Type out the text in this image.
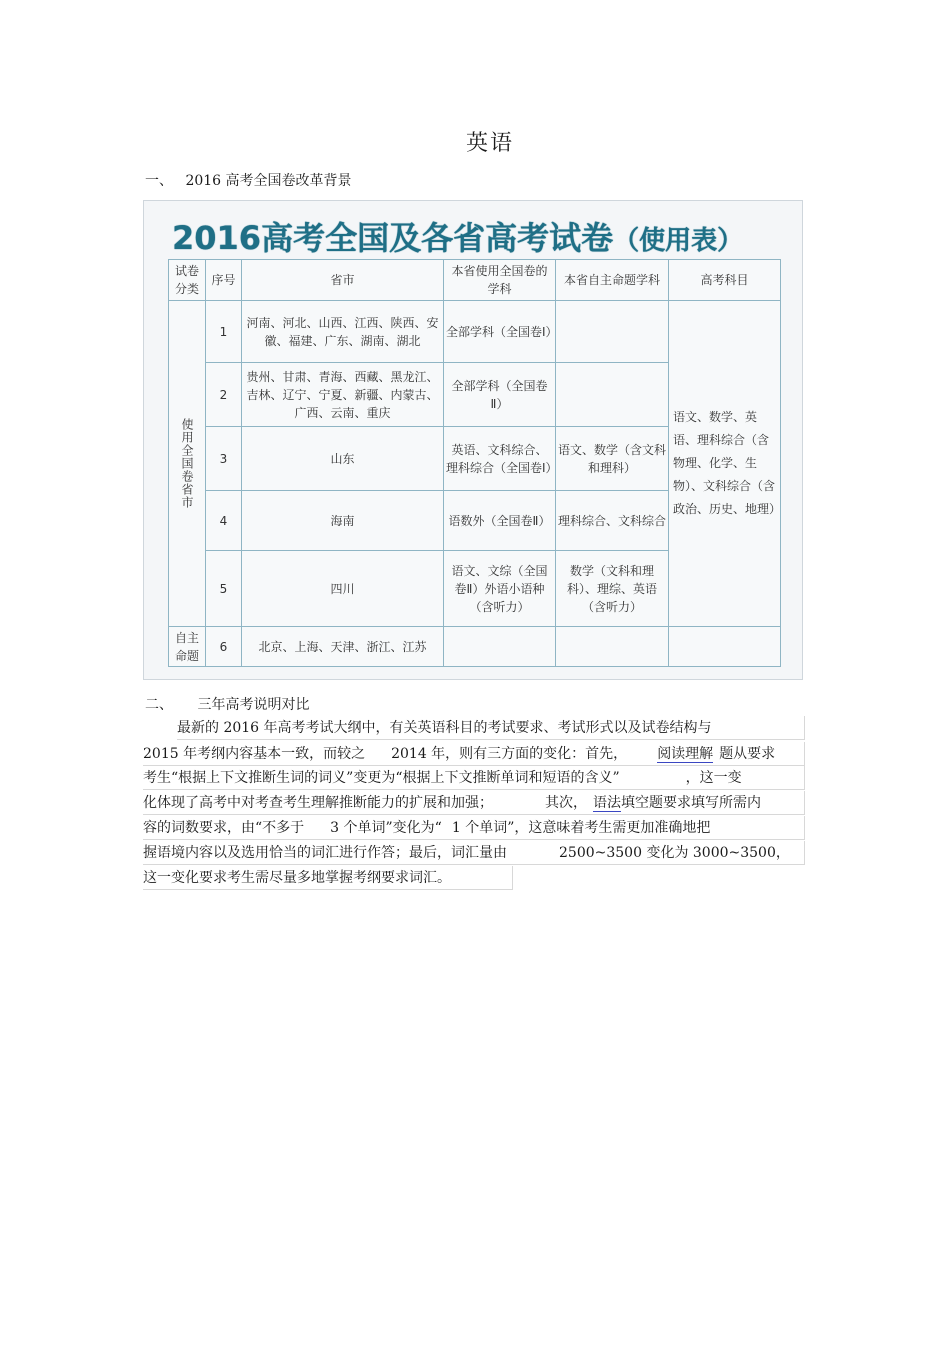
英语
一、 2016 高考全国卷改革背景
2016高考全国及各省高考试卷（使用表）
试卷分类	序号	省市	本省使用全国卷的学科	本省自主命题学科	高考科目

使用全国卷省市	1	河南、河北、山西、江西、陕西、安徽、福建、广东、湖南、湖北	全部学科（全国卷Ⅰ）		语文、数学、英语、理科综合（含物理、化学、生物）、文科综合（含政治、历史、地理）
	2	贵州、甘肃、青海、西藏、黑龙江、吉林、辽宁、宁夏、新疆、内蒙古、广西、云南、重庆	全部学科（全国卷Ⅱ）		
	3	山东	英语、文科综合、理科综合（全国卷Ⅰ）	语文、数学（含文科和理科）	
	4	海南	语数外（全国卷Ⅱ）	理科综合、文科综合	
	5	四川	语文、文综（全国卷Ⅱ）外语小语种（含听力）	数学（文科和理科）、理综、英语（含听力）	
自主命题	6	北京、上海、天津、浙江、江苏			
二、 三年高考说明对比
最新的 2016 年高考考试大纲中，有关英语科目的考试要求、考试形式以及试卷结构与
2015 年考纲内容基本一致，而较之 2014 年，则有三方面的变化：首先， 阅读理解 题从要求
考生“根据上下文推断生词的词义”变更为“根据上下文推断单词和短语的含义”	，这一变
化体现了高考中对考查考生理解推断能力的扩展和加强；	其次， 语法填空题要求填写所需内
容的词数要求，由“不多于 3 个单词”变化为“ 1 个单词”，这意味着考生需更加准确地把
握语境内容以及选用恰当的词汇进行作答；最后，词汇量由	2500~3500 变化为 3000~3500，
这一变化要求考生需尽量多地掌握考纲要求词汇。
